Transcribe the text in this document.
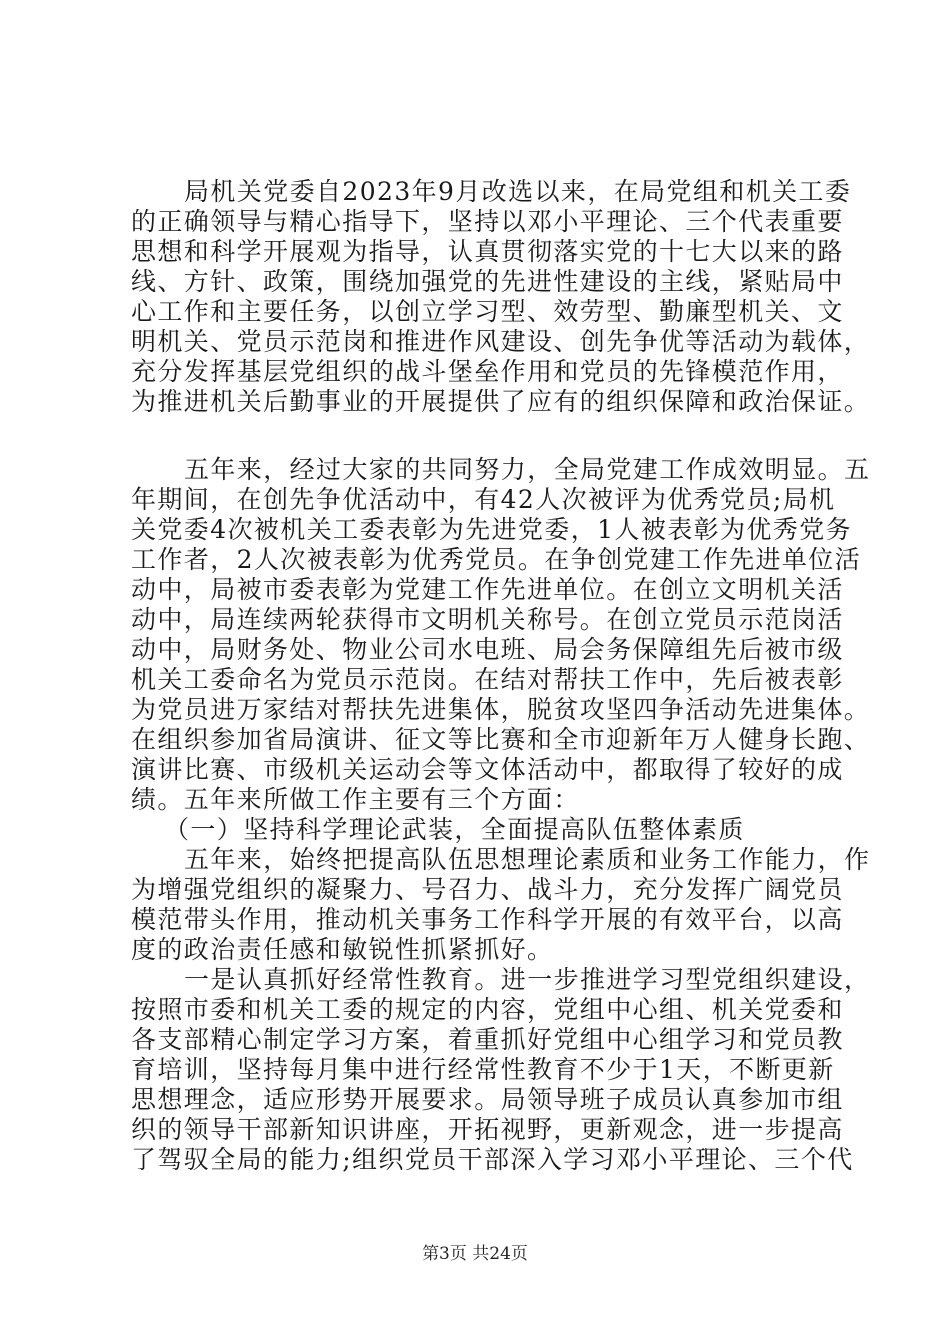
局机关党委自2023年9月改选以来，在局党组和机关工委
的正确领导与精心指导下，坚持以邓小平理论、三个代表重要
思想和科学开展观为指导，认真贯彻落实党的十七大以来的路
线、方针、政策，围绕加强党的先进性建设的主线，紧贴局中
心工作和主要任务，以创立学习型、效劳型、勤廉型机关、文
明机关、党员示范岗和推进作风建设、创先争优等活动为载体，
充分发挥基层党组织的战斗堡垒作用和党员的先锋模范作用，
为推进机关后勤事业的开展提供了应有的组织保障和政治保证。
五年来，经过大家的共同努力，全局党建工作成效明显。五
年期间，在创先争优活动中，有42人次被评为优秀党员;局机
关党委4次被机关工委表彰为先进党委，1人被表彰为优秀党务
工作者，2人次被表彰为优秀党员。在争创党建工作先进单位活
动中，局被市委表彰为党建工作先进单位。在创立文明机关活
动中，局连续两轮获得市文明机关称号。在创立党员示范岗活
动中，局财务处、物业公司水电班、局会务保障组先后被市级
机关工委命名为党员示范岗。在结对帮扶工作中，先后被表彰
为党员进万家结对帮扶先进集体，脱贫攻坚四争活动先进集体。
在组织参加省局演讲、征文等比赛和全市迎新年万人健身长跑、
演讲比赛、市级机关运动会等文体活动中，都取得了较好的成
绩。五年来所做工作主要有三个方面：
（一）坚持科学理论武装，全面提高队伍整体素质
五年来，始终把提高队伍思想理论素质和业务工作能力，作
为增强党组织的凝聚力、号召力、战斗力，充分发挥广阔党员
模范带头作用，推动机关事务工作科学开展的有效平台，以高
度的政治责任感和敏锐性抓紧抓好。
一是认真抓好经常性教育。进一步推进学习型党组织建设，
按照市委和机关工委的规定的内容，党组中心组、机关党委和
各支部精心制定学习方案，着重抓好党组中心组学习和党员教
育培训，坚持每月集中进行经常性教育不少于1天，不断更新
思想理念，适应形势开展要求。局领导班子成员认真参加市组
织的领导干部新知识讲座，开拓视野，更新观念，进一步提高
了驾驭全局的能力;组织党员干部深入学习邓小平理论、三个代
第3页 共24页
